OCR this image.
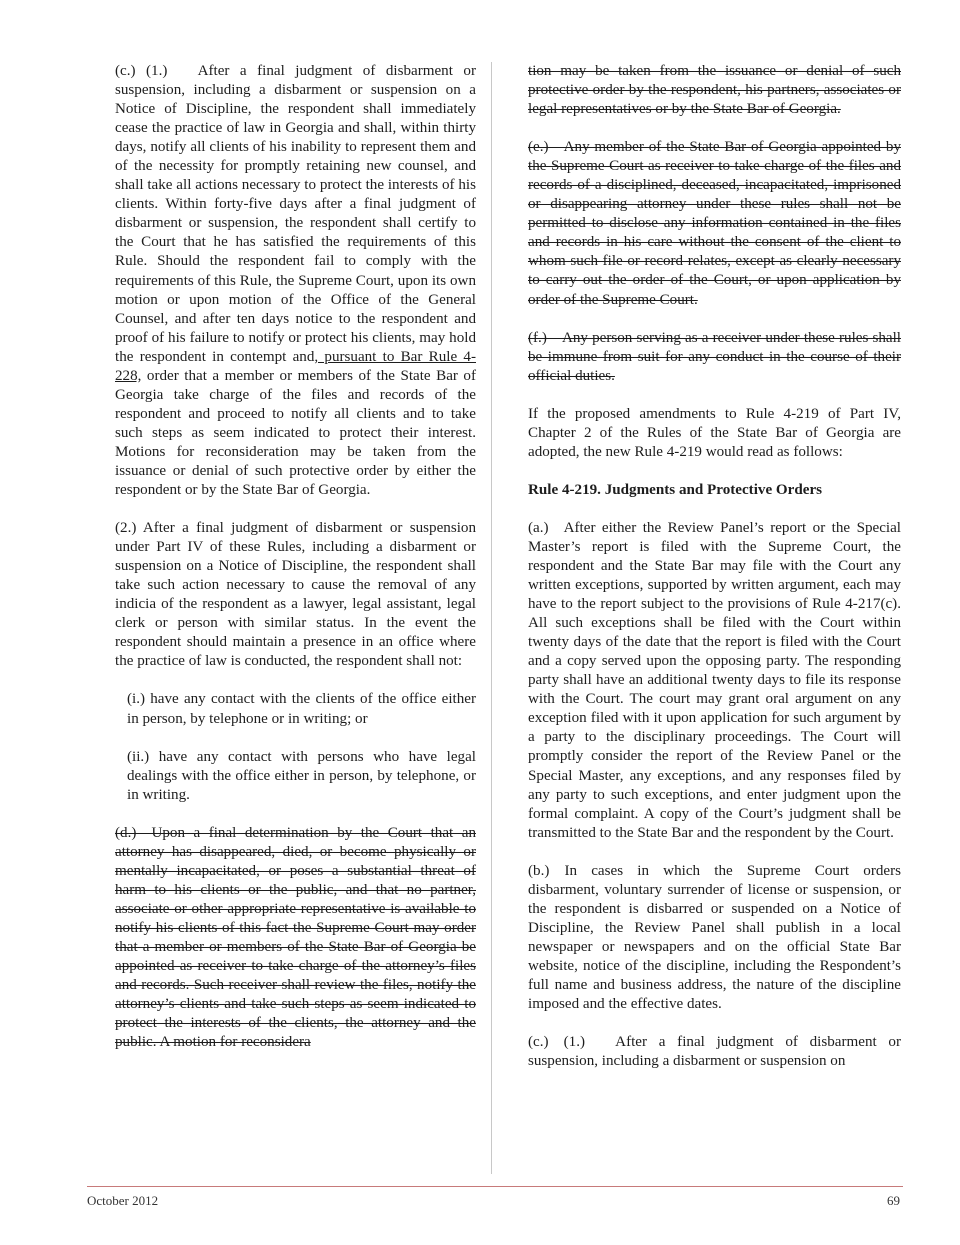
(c.) (1.)  After a final judgment of disbarment or suspension, including a disbarment or suspension on a Notice of Discipline, the respondent shall immediately cease the practice of law in Georgia and shall, within thirty days, notify all clients of his inability to represent them and of the necessity for promptly retaining new counsel, and shall take all actions necessary to protect the interests of his clients. Within forty-five days after a final judgment of disbarment or suspension, the respondent shall certify to the Court that he has satisfied the requirements of this Rule. Should the respondent fail to comply with the requirements of this Rule, the Supreme Court, upon its own motion or upon motion of the Office of the General Counsel, and after ten days notice to the respondent and proof of his failure to notify or protect his clients, may hold the respondent in contempt and, pursuant to Bar Rule 4-228, order that a member or members of the State Bar of Georgia take charge of the files and records of the respondent and proceed to notify all clients and to take such steps as seem indicated to protect their interest. Motions for reconsideration may be taken from the issuance or denial of such protective order by either the respondent or by the State Bar of Georgia.

(2.) After a final judgment of disbarment or suspension under Part IV of these Rules, including a disbarment or suspension on a Notice of Discipline, the respondent shall take such action necessary to cause the removal of any indicia of the respondent as a lawyer, legal assistant, legal clerk or person with similar status. In the event the respondent should maintain a presence in an office where the practice of law is conducted, the respondent shall not:

(i.) have any contact with the clients of the office either in person, by telephone or in writing; or

(ii.) have any contact with persons who have legal dealings with the office either in person, by telephone, or in writing.

(d.) Upon a final determination by the Court that an attorney has disappeared, died, or become physically or mentally incapacitated, or poses a substantial threat of harm to his clients or the public, and that no partner, associate or other appropriate representative is available to notify his clients of this fact the Supreme Court may order that a member or members of the State Bar of Georgia be appointed as receiver to take charge of the attorney’s files and records. Such receiver shall review the files, notify the attorney’s clients and take such steps as seem indicated to protect the interests of the clients, the attorney and the public. A motion for reconsidera

tion may be taken from the issuance or denial of such protective order by the respondent, his partners, associates or legal representatives or by the State Bar of Georgia.

(e.) Any member of the State Bar of Georgia appointed by the Supreme Court as receiver to take charge of the files and records of a disciplined, deceased, incapacitated, imprisoned or disappearing attorney under these rules shall not be permitted to disclose any information contained in the files and records in his care without the consent of the client to whom such file or record relates, except as clearly necessary to carry out the order of the Court, or upon application by order of the Supreme Court.

(f.) Any person serving as a receiver under these rules shall be immune from suit for any conduct in the course of their official duties.

If the proposed amendments to Rule 4-219 of Part IV, Chapter 2 of the Rules of the State Bar of Georgia are adopted, the new Rule 4-219 would read as follows:

Rule 4-219. Judgments and Protective Orders

(a.) After either the Review Panel’s report or the Special Master’s report is filed with the Supreme Court, the respondent and the State Bar may file with the Court any written exceptions, supported by written argument, each may have to the report subject to the provisions of Rule 4-217(c). All such exceptions shall be filed with the Court within twenty days of the date that the report is filed with the Court and a copy served upon the opposing party. The responding party shall have an additional twenty days to file its response with the Court. The court may grant oral argument on any exception filed with it upon application for such argument by a party to the disciplinary proceedings. The Court will promptly consider the report of the Review Panel or the Special Master, any exceptions, and any responses filed by any party to such exceptions, and enter judgment upon the formal complaint. A copy of the Court’s judgment shall be transmitted to the State Bar and the respondent by the Court.

(b.) In cases in which the Supreme Court orders disbarment, voluntary surrender of license or suspension, or the respondent is disbarred or suspended on a Notice of Discipline, the Review Panel shall publish in a local newspaper or newspapers and on the official State Bar website, notice of the discipline, including the Respondent’s full name and business address, the nature of the discipline imposed and the effective dates.

(c.) (1.)  After a final judgment of disbarment or suspension, including a disbarment or suspension on

October 2012	69
